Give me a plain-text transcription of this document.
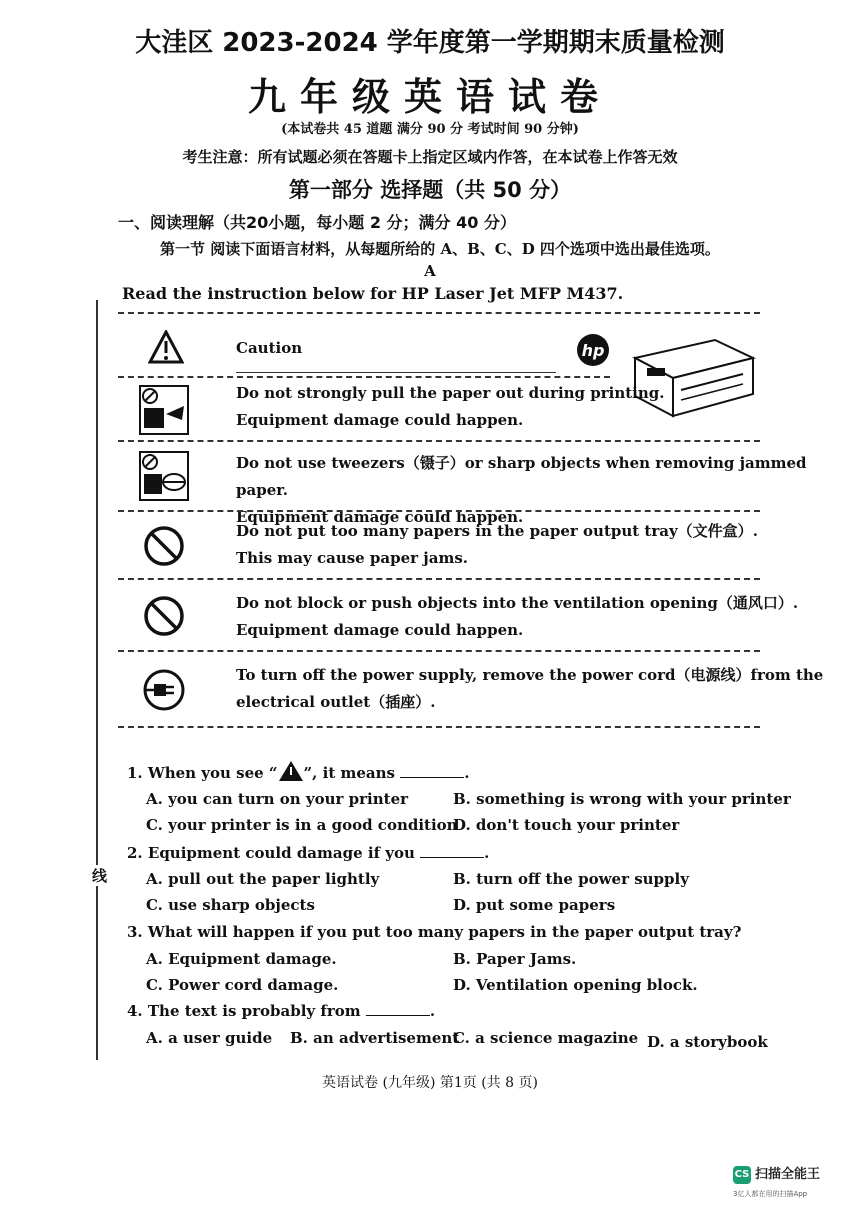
大洼区 2023-2024 学年度第一学期期末质量检测
九年级英语试卷
(本试卷共 45 道题 满分 90 分 考试时间 90 分钟)
考生注意：所有试题必须在答题卡上指定区域内作答，在本试卷上作答无效
第一部分 选择题（共 50 分）
一、阅读理解（共20小题，每小题 2 分；满分 40 分）
第一节 阅读下面语言材料，从每题所给的 A、B、C、D 四个选项中选出最佳选项。
A
Read the instruction below for HP Laser Jet MFP M437.
线
Caution	hp
Do not strongly pull the paper out during printing.
Equipment damage could happen.
Do not use tweezers（镊子）or sharp objects when removing jammed paper.
Equipment damage could happen.
Do not put too many papers in the paper output tray（文件盒）.
This may cause paper jams.
Do not block or push objects into the ventilation opening（通风口）.
Equipment damage could happen.
To turn off the power supply, remove the power cord（电源线）from the
electrical outlet（插座）.
1. When you see “ ”, it means	.
A. you can turn on your printer	B. something is wrong with your printer
C. your printer is in a good condition
D. don't touch your printer
2. Equipment could damage if you	.
A. pull out the paper lightly	B. turn off the power supply
C. use sharp objects	D. put some papers
3. What will happen if you put too many papers in the paper output tray?
A. Equipment damage.	B. Paper Jams.
C. Power cord damage.	D. Ventilation opening block.
4. The text is probably from	.
A. a user guide B. an advertisement
C. a science magazine D. a storybook
英语试卷 (九年级) 第1页 (共 8 页)
CS 扫描全能王
3亿人都在用的扫描App
